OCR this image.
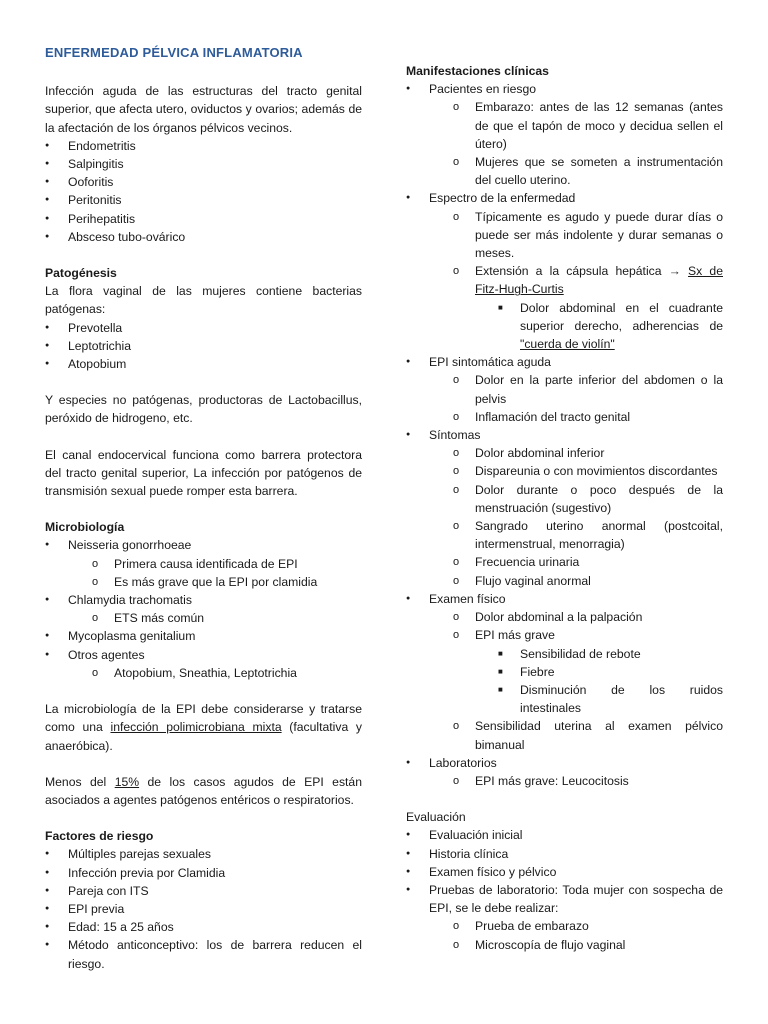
ENFERMEDAD PÉLVICA INFLAMATORIA

Infección aguda de las estructuras del tracto genital superior, que afecta utero, oviductos y ovarios; además de la afectación de los órganos pélvicos vecinos.

● Endometritis
● Salpingitis
● Ooforitis
● Peritonitis
● Perihepatitis
● Absceso tubo-ovárico
Patogénesis

La flora vaginal de las mujeres contiene bacterias patógenas:

● Prevotella
● Leptotrichia
● Atopobium

Y especies no patógenas, productoras de Lactobacillus, peróxido de hidrogeno, etc.

El canal endocervical funciona como barrera protectora del tracto genital superior, La infección por patógenos de transmisión sexual puede romper esta barrera.

Microbiología
● Neisseria gonorrhoeae
o Primera causa identificada de EPI
o Es más grave que la EPI por clamidia
● Chlamydia trachomatis
o ETS más común
● Mycoplasma genitalium
● Otros agentes
o Atopobium, Sneathia, Leptotrichia

La microbiología de la EPI debe considerarse y tratarse como una infección polimicrobiana mixta (facultativa y anaeróbica).

Menos del 15% de los casos agudos de EPI están asociados a agentes patógenos entéricos o respiratorios.

Factores de riesgo
● Múltiples parejas sexuales
● Infección previa por Clamidia
● Pareja con ITS
● EPI previa
● Edad: 15 a 25 años
● Método anticonceptivo: los de barrera reducen el riesgo.
Manifestaciones clínicas
● Pacientes en riesgo
o Embarazo: antes de las 12 semanas (antes de que el tapón de moco y decidua sellen el útero)
o Mujeres que se someten a instrumentación del cuello uterino.
● Espectro de la enfermedad
o Típicamente es agudo y puede durar días o puede ser más indolente y durar semanas o meses.
o Extensión a la cápsula hepática → Sx de Fitz-Hugh-Curtis
■ Dolor abdominal en el cuadrante superior derecho, adherencias de "cuerda de violín"
● EPI sintomática aguda
o Dolor en la parte inferior del abdomen o la pelvis
o Inflamación del tracto genital
● Síntomas
o Dolor abdominal inferior
o Dispareunia o con movimientos discordantes
o Dolor durante o poco después de la menstruación (sugestivo)
o Sangrado uterino anormal (postcoital, intermenstrual, menorragia)
o Frecuencia urinaria
o Flujo vaginal anormal
● Examen físico
o Dolor abdominal a la palpación
o EPI más grave
■ Sensibilidad de rebote
■ Fiebre
■ Disminución de los ruidos intestinales
o Sensibilidad uterina al examen pélvico bimanual
● Laboratorios
o EPI más grave: Leucocitosis
Evaluación
● Evaluación inicial
● Historia clínica
● Examen físico y pélvico
● Pruebas de laboratorio: Toda mujer con sospecha de EPI, se le debe realizar:
o Prueba de embarazo
o Microscopía de flujo vaginal
